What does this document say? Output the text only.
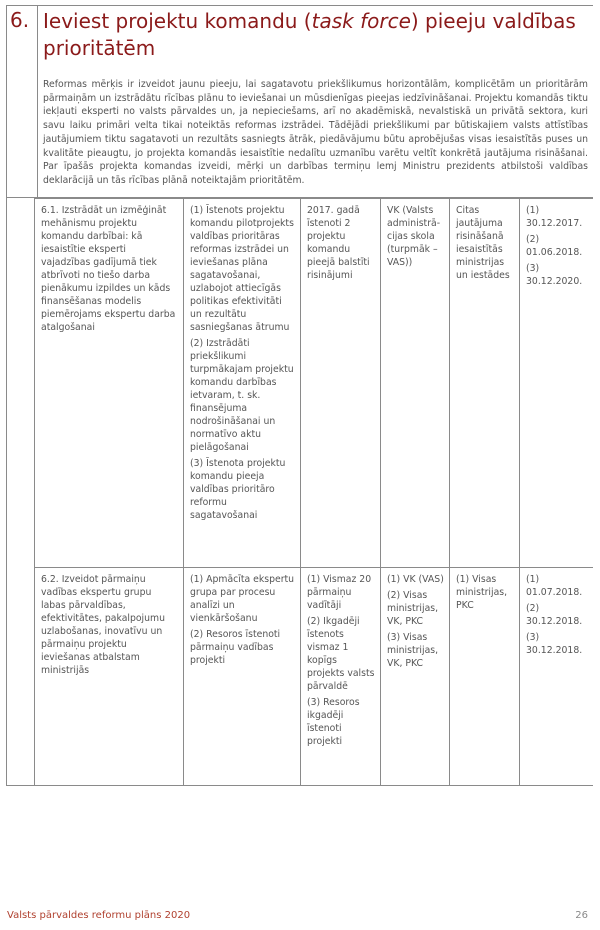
6. Ieviest projektu komandu (task force) pieeju valdības prioritātēm
Reformas mērķis ir izveidot jaunu pieeju, lai sagatavotu priekšlikumus horizontālām, komplicētām un prioritārām pārmaiņām un izstrādātu rīcības plānu to ieviešanai un mūsdienīgas pieejas iedzīvināšanai. Projektu komandās tiktu iekļauti eksperti no valsts pārvaldes un, ja nepieciešams, arī no akadēmiskā, nevalstiskā un privātā sektora, kuri savu laiku primāri velta tikai noteiktās reformas izstrādei. Tādējādi priekšlikumi par būtiskajiem valsts attīstības jautājumiem tiktu sagatavoti un rezultāts sasniegts ātrāk, piedāvājumu būtu aprobējušas visas iesaistītās puses un kvalitāte pieaugtu, jo projekta komandās iesaistītie nedalītu uzmanību varētu veltīt konkrētā jautājuma risināšanai. Par īpašās projekta komandas izveidi, mērķi un darbības termiņu lemj Ministru prezidents atbilstoši valdības deklarācijā un tās rīcības plānā noteiktajām prioritātēm.

6.1. Izstrādāt un izmēģināt mehānismu projektu komandu darbībai: kā iesaistītie eksperti vajadzības gadījumā tiek atbrīvoti no tiešo darba pienākumu izpildes un kāds finansēšanas modelis piemērojams ekspertu darba atalgošanai

(1) Īstenots projektu komandu pilotprojekts valdības prioritāras reformas izstrādei un ieviešanas plāna sagatavošanai, uzlabojot attiecīgās politikas efektivitāti un rezultātu sasniegšanas ātrumu

(2) Izstrādāti priekšlikumi turpmākajam projektu komandu darbības ietvaram, t. sk. finansējuma nodrošināšanai un normatīvo aktu pielāgošanai

(3) Īstenota projektu komandu pieeja valdības prioritāro reformu sagatavošanai

2017. gadā īstenoti 2 projektu komandu pieejā balstīti risinājumi

VK (Valsts administrā-cijas skola (turpmāk – VAS))

Citas jautājuma risināšanā iesaistītās ministrijas un iestādes

(1) 30.12.2017.

(2) 01.06.2018.

(3) 30.12.2020.

6.2. Izveidot pārmaiņu vadības ekspertu grupu labas pārvaldības, efektivitātes, pakalpojumu uzlabošanas, inovatīvu un pārmaiņu projektu ieviešanas atbalstam ministrijās

(1) Apmācīta ekspertu grupa par procesu analīzi un vienkāršošanu

(2) Resoros īstenoti pārmaiņu vadības projekti

(1) Vismaz 20 pārmaiņu vadītāji

(2) Ikgadēji īstenots vismaz 1 kopīgs projekts valsts pārvaldē

(3) Resoros ikgadēji īstenoti projekti

(1) VK (VAS)

(2) Visas ministrijas, VK, PKC

(3) Visas ministrijas, VK, PKC

(1) Visas ministrijas, PKC

(1) 01.07.2018.

(2) 30.12.2018.

(3) 30.12.2018.

Valsts pārvaldes reformu plāns 2020	26
